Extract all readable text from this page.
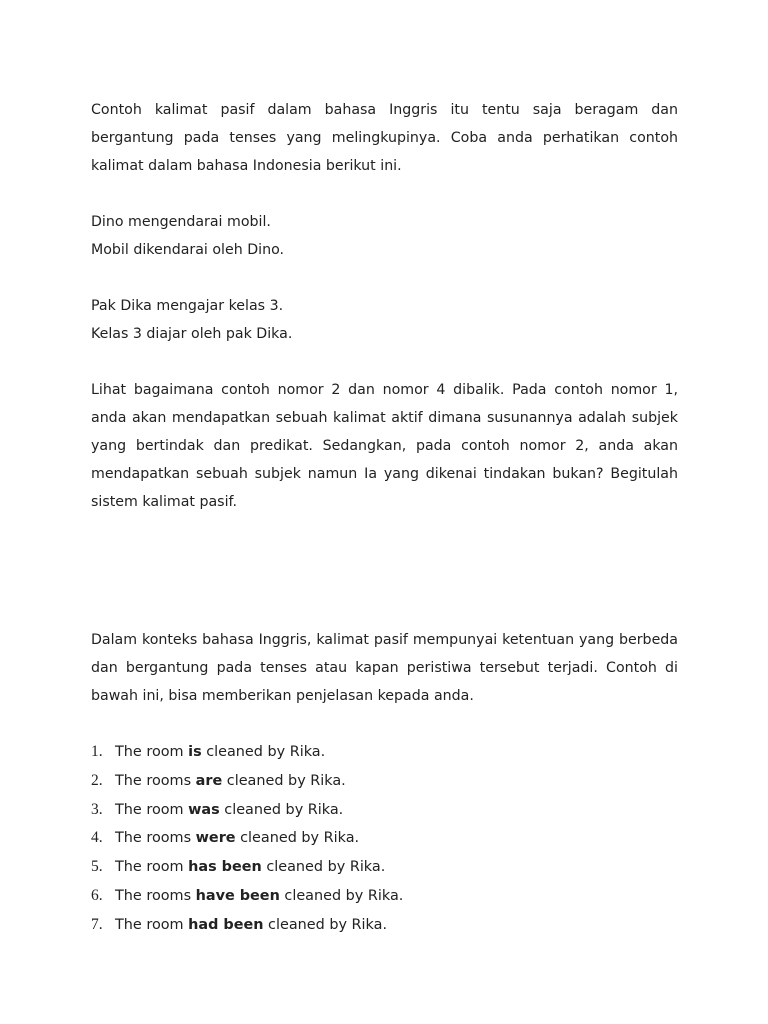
Contoh kalimat pasif dalam bahasa Inggris itu tentu saja beragam dan bergantung pada tenses yang melingkupinya. Coba anda perhatikan contoh kalimat dalam bahasa Indonesia berikut ini.

Dino mengendarai mobil.

Mobil dikendarai oleh Dino.

Pak Dika mengajar kelas 3.

Kelas 3 diajar oleh pak Dika.

Lihat bagaimana contoh nomor 2 dan nomor 4 dibalik. Pada contoh nomor 1, anda akan mendapatkan sebuah kalimat aktif dimana susunannya adalah subjek yang bertindak dan predikat. Sedangkan, pada contoh nomor 2, anda akan mendapatkan sebuah subjek namun Ia yang dikenai tindakan bukan? Begitulah sistem kalimat pasif.

Dalam konteks bahasa Inggris, kalimat pasif mempunyai ketentuan yang berbeda dan bergantung pada tenses atau kapan peristiwa tersebut terjadi. Contoh di bawah ini, bisa memberikan penjelasan kepada anda.

1. The room is cleaned by Rika.
2. The rooms are cleaned by Rika.
3. The room was cleaned by Rika.
4. The rooms were cleaned by Rika.
5. The room has been cleaned by Rika.
6. The rooms have been cleaned by Rika.
7. The room had been cleaned by Rika.
